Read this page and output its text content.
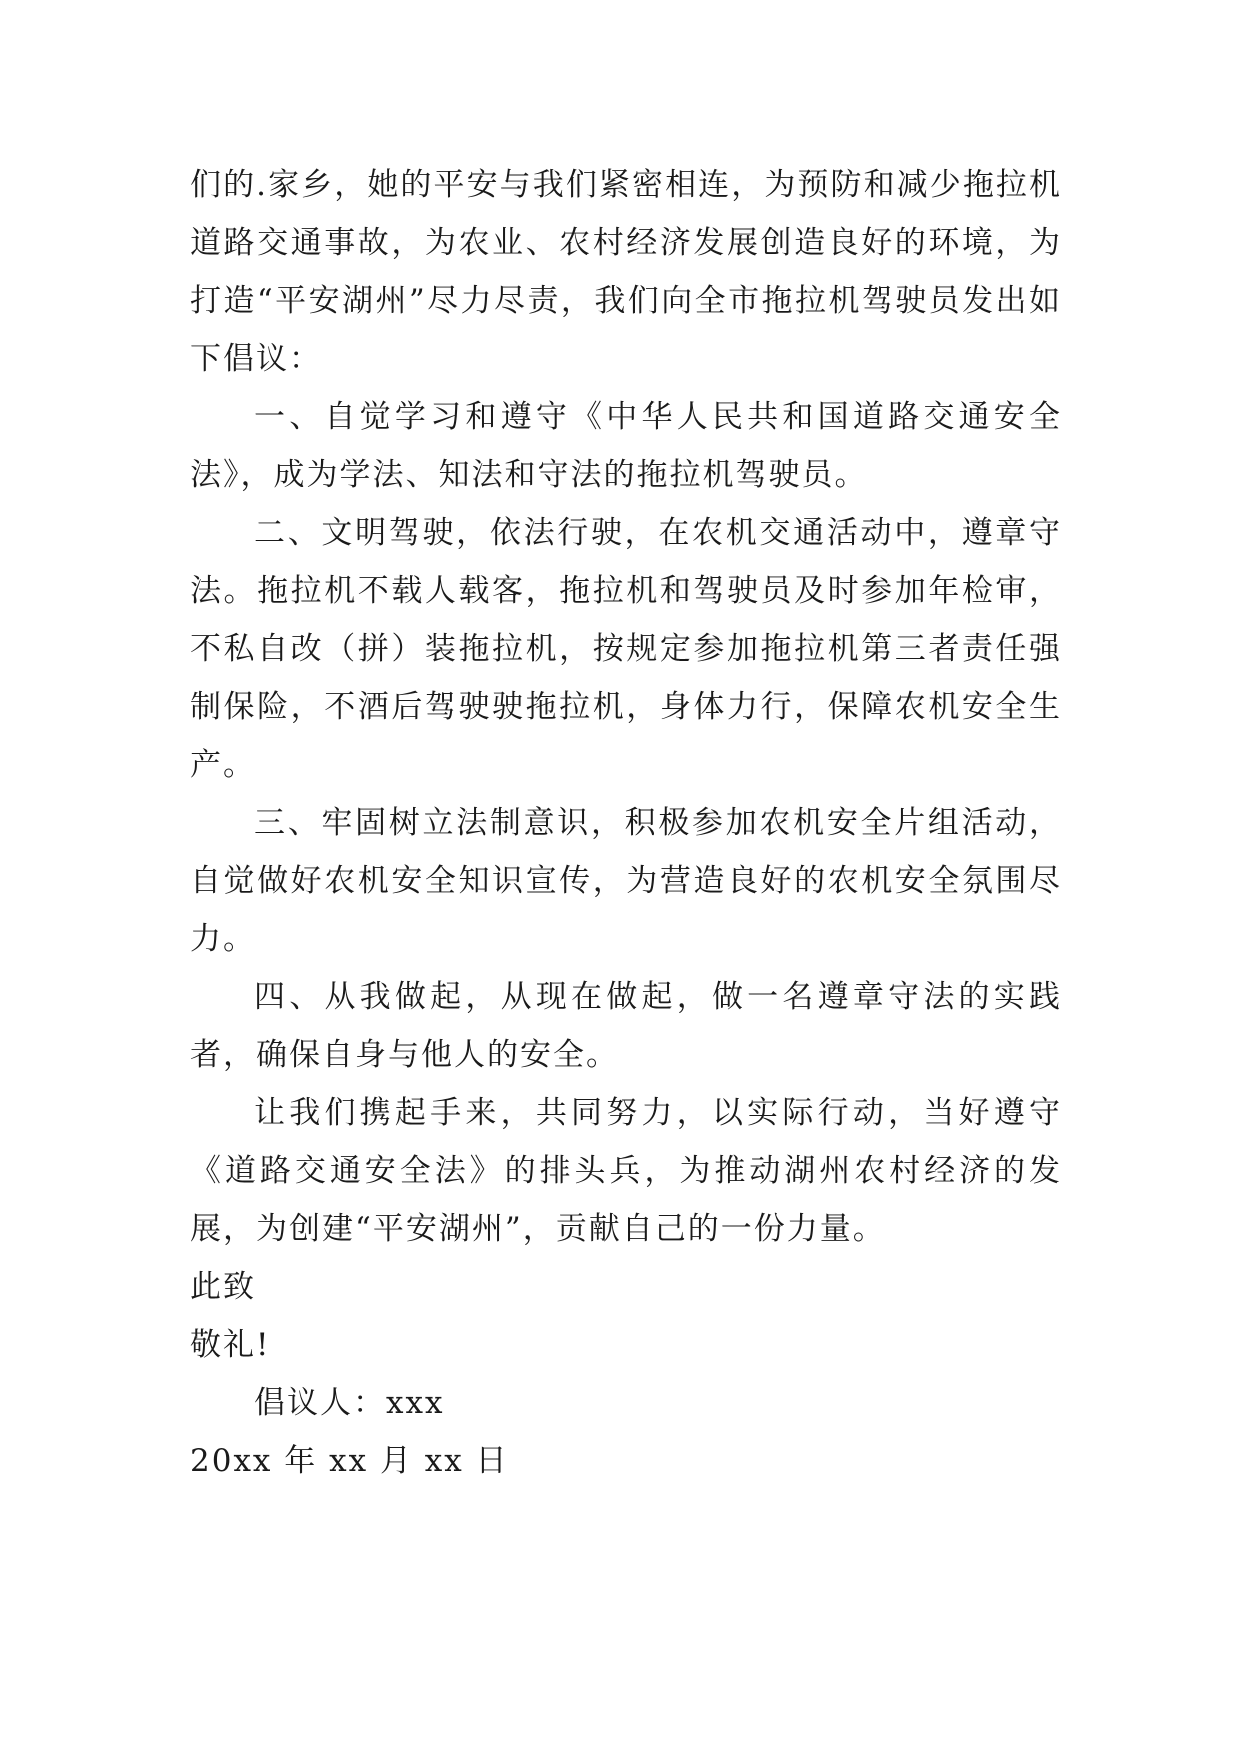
们的.家乡，她的平安与我们紧密相连，为预防和减少拖拉机道路交通事故，为农业、农村经济发展创造良好的环境，为打造“平安湖州”尽力尽责，我们向全市拖拉机驾驶员发出如下倡议：

一、自觉学习和遵守《中华人民共和国道路交通安全法》，成为学法、知法和守法的拖拉机驾驶员。

二、文明驾驶，依法行驶，在农机交通活动中，遵章守法。拖拉机不载人载客，拖拉机和驾驶员及时参加年检审，不私自改（拼）装拖拉机，按规定参加拖拉机第三者责任强制保险，不酒后驾驶驶拖拉机，身体力行，保障农机安全生产。

三、牢固树立法制意识，积极参加农机安全片组活动，自觉做好农机安全知识宣传，为营造良好的农机安全氛围尽力。

四、从我做起，从现在做起，做一名遵章守法的实践者，确保自身与他人的安全。

让我们携起手来，共同努力，以实际行动，当好遵守《道路交通安全法》的排头兵，为推动湖州农村经济的发展，为创建“平安湖州”，贡献自己的一份力量。

此致

敬礼!

倡议人：xxx

20xx 年 xx 月 xx 日
